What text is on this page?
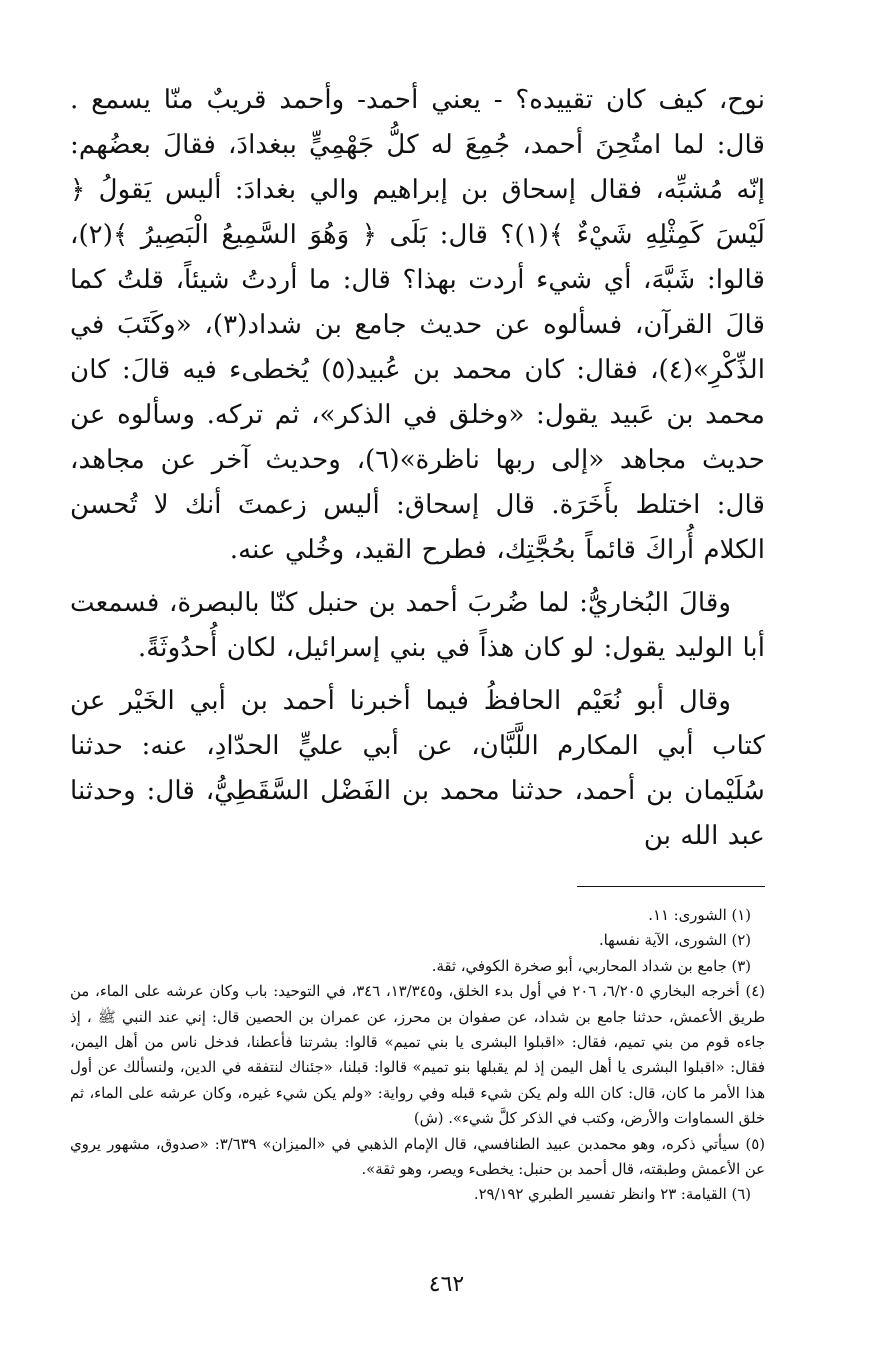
نوح، كيف كان تقييده؟ - يعني أحمد- وأحمد قريبٌ منّا يسمع . قال: لما امتُحِنَ أحمد، جُمِعَ له كلُّ جَهْمِيٍّ ببغدادَ، فقالَ بعضُهم: إنّه مُشبِّه، فقال إسحاق بن إبراهيم والي بغدادَ: أليس يَقولُ ﴿ لَيْسَ كَمِثْلِهِ شَيْءٌ ﴾(١)؟ قال: بَلَى ﴿ وَهُوَ السَّمِيعُ الْبَصِيرُ ﴾(٢)، قالوا: شَبَّهَ، أي شيء أردت بهذا؟ قال: ما أردتُ شيئاً، قلتُ كما قالَ القرآن، فسألوه عن حديث جامع بن شداد(٣)، «وكَتَبَ في الذِّكْرِ»(٤)، فقال: كان محمد بن عُبيد(٥) يُخطىء فيه قالَ: كان محمد بن عَبيد يقول: «وخلق في الذكر»، ثم تركه. وسألوه عن حديث مجاهد «إلى ربها ناظرة»(٦)، وحديث آخر عن مجاهد، قال: اختلط بأَخَرَة. قال إسحاق: أليس زعمتَ أنك لا تُحسن الكلام أُراكَ قائماً بحُجَّتِك، فطرح القيد، وخُلي عنه.

وقالَ البُخاريُّ: لما ضُربَ أحمد بن حنبل كنّا بالبصرة، فسمعت أبا الوليد يقول: لو كان هذاً في بني إسرائيل، لكان أُحدُوثَةً.

وقال أبو نُعَيْم الحافظُ فيما أخبرنا أحمد بن أبي الخَيْر عن كتاب أبي المكارم اللَّبَّان، عن أبي عليٍّ الحدّادِ، عنه: حدثنا سُلَيْمان بن أحمد، حدثنا محمد بن الفَضْل السَّقَطِيُّ، قال: وحدثنا عبد الله بن

(١) الشورى: ١١.

(٢) الشورى، الآية نفسها.

(٣) جامع بن شداد المحاربي، أبو صخرة الكوفي، ثقة.

(٤) أخرجه البخاري ٦/٢٠٥، ٢٠٦ في أول بدء الخلق، و١٣/٣٤٥، ٣٤٦، في التوحيد: باب وكان عرشه على الماء، من طريق الأعمش، حدثنا جامع بن شداد، عن صفوان بن محرز، عن عمران بن الحصين قال: إني عند النبي ﷺ ، إذ جاءه قوم من بني تميم، فقال: «اقبلوا البشرى يا بني تميم» قالوا: بشرتنا فأعطنا، فدخل ناس من أهل اليمن، فقال: «اقبلوا البشرى يا أهل اليمن إذ لم يقبلها بنو تميم» قالوا: قبلنا، «جئناك لنتفقه في الدين، ولنسألك عن أول هذا الأمر ما كان، قال: كان الله ولم يكن شيء قبله وفي رواية: «ولم يكن شيء غيره، وكان عرشه على الماء، ثم خلق السماوات والأرض، وكتب في الذكر كلَّ شيء». (ش)

(٥) سيأتي ذكره، وهو محمدبن عبيد الطنافسي، قال الإمام الذهبي في «الميزان» ٣/٦٣٩: «صدوق، مشهور يروي عن الأعمش وطبقته، قال أحمد بن حنبل: يخطىء ويصر، وهو ثقة».

(٦) القيامة: ٢٣ وانظر تفسير الطبري ٢٩/١٩٢.

٤٦٢
